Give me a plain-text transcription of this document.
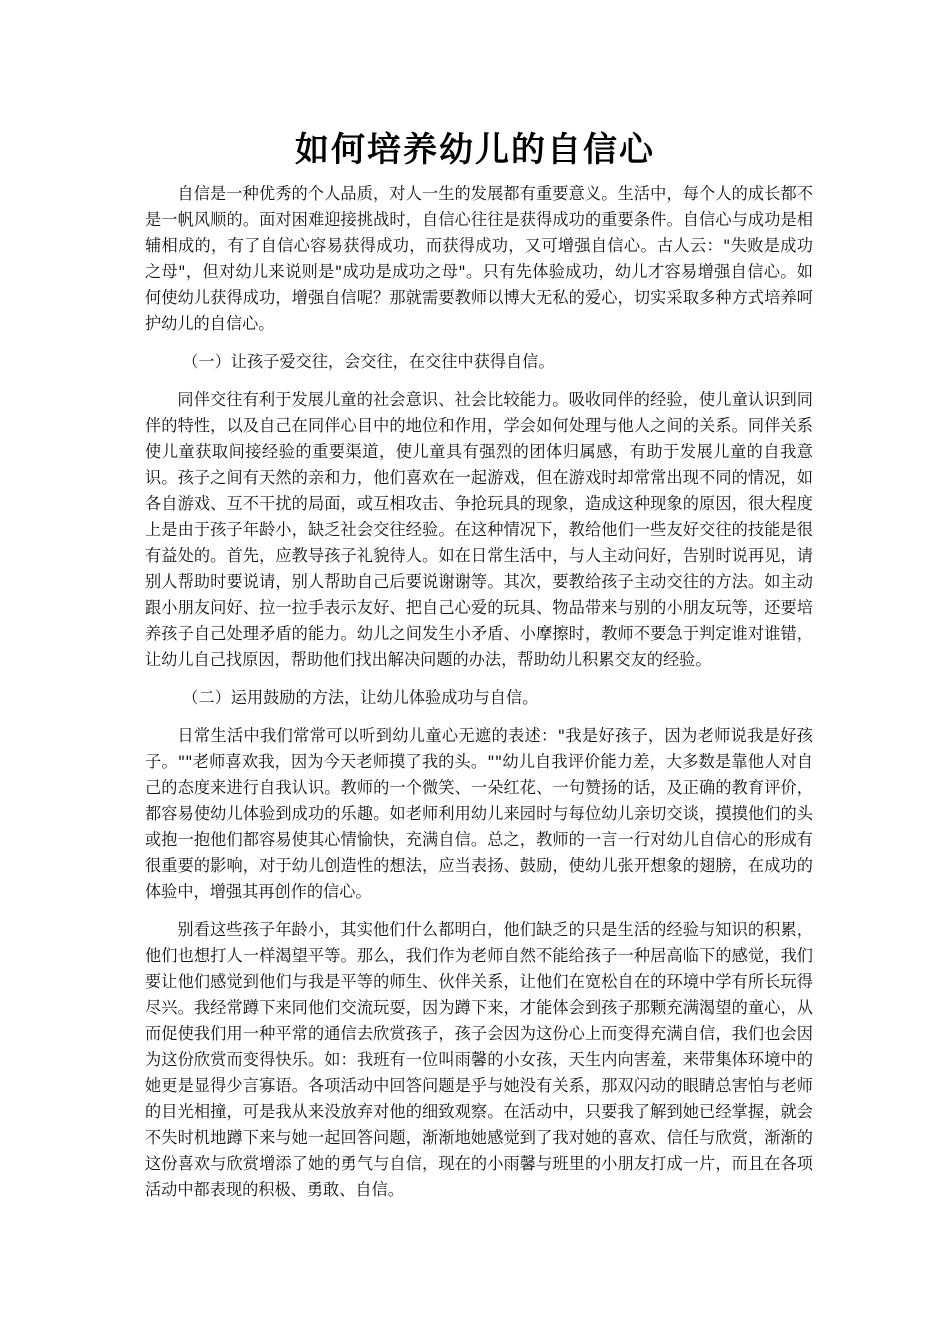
如何培养幼儿的自信心

自信是一种优秀的个人品质，对人一生的发展都有重要意义。生活中，每个人的成长都不是一帆风顺的。面对困难迎接挑战时，自信心往往是获得成功的重要条件。自信心与成功是相辅相成的，有了自信心容易获得成功，而获得成功，又可增强自信心。古人云："失败是成功之母"，但对幼儿来说则是"成功是成功之母"。只有先体验成功，幼儿才容易增强自信心。如何使幼儿获得成功，增强自信呢？那就需要教师以博大无私的爱心，切实采取多种方式培养呵护幼儿的自信心。

（一）让孩子爱交往，会交往，在交往中获得自信。

同伴交往有利于发展儿童的社会意识、社会比较能力。吸收同伴的经验，使儿童认识到同伴的特性，以及自己在同伴心目中的地位和作用，学会如何处理与他人之间的关系。同伴关系使儿童获取间接经验的重要渠道，使儿童具有强烈的团体归属感，有助于发展儿童的自我意识。孩子之间有天然的亲和力，他们喜欢在一起游戏，但在游戏时却常常出现不同的情况，如各自游戏、互不干扰的局面，或互相攻击、争抢玩具的现象，造成这种现象的原因，很大程度上是由于孩子年龄小，缺乏社会交往经验。在这种情况下，教给他们一些友好交往的技能是很有益处的。首先，应教导孩子礼貌待人。如在日常生活中，与人主动问好，告别时说再见，请别人帮助时要说请，别人帮助自己后要说谢谢等。其次，要教给孩子主动交往的方法。如主动跟小朋友问好、拉一拉手表示友好、把自己心爱的玩具、物品带来与别的小朋友玩等，还要培养孩子自己处理矛盾的能力。幼儿之间发生小矛盾、小摩擦时，教师不要急于判定谁对谁错，让幼儿自己找原因，帮助他们找出解决问题的办法，帮助幼儿积累交友的经验。

（二）运用鼓励的方法，让幼儿体验成功与自信。

日常生活中我们常常可以听到幼儿童心无遮的表述："我是好孩子，因为老师说我是好孩子。""老师喜欢我，因为今天老师摸了我的头。""幼儿自我评价能力差，大多数是靠他人对自己的态度来进行自我认识。教师的一个微笑、一朵红花、一句赞扬的话，及正确的教育评价，都容易使幼儿体验到成功的乐趣。如老师利用幼儿来园时与每位幼儿亲切交谈，摸摸他们的头或抱一抱他们都容易使其心情愉快，充满自信。总之，教师的一言一行对幼儿自信心的形成有很重要的影响，对于幼儿创造性的想法，应当表扬、鼓励，使幼儿张开想象的翅膀，在成功的体验中，增强其再创作的信心。

别看这些孩子年龄小，其实他们什么都明白，他们缺乏的只是生活的经验与知识的积累，他们也想打人一样渴望平等。那么，我们作为老师自然不能给孩子一种居高临下的感觉，我们要让他们感觉到他们与我是平等的师生、伙伴关系，让他们在宽松自在的环境中学有所长玩得尽兴。我经常蹲下来同他们交流玩耍，因为蹲下来，才能体会到孩子那颗充满渴望的童心，从而促使我们用一种平常的通信去欣赏孩子，孩子会因为这份心上而变得充满自信，我们也会因为这份欣赏而变得快乐。如：我班有一位叫雨馨的小女孩，天生内向害羞，来带集体环境中的她更是显得少言寡语。各项活动中回答问题是乎与她没有关系，那双闪动的眼睛总害怕与老师的目光相撞，可是我从来没放弃对他的细致观察。在活动中，只要我了解到她已经掌握，就会不失时机地蹲下来与她一起回答问题，渐渐地她感觉到了我对她的喜欢、信任与欣赏，渐渐的这份喜欢与欣赏增添了她的勇气与自信，现在的小雨馨与班里的小朋友打成一片，而且在各项活动中都表现的积极、勇敢、自信。
